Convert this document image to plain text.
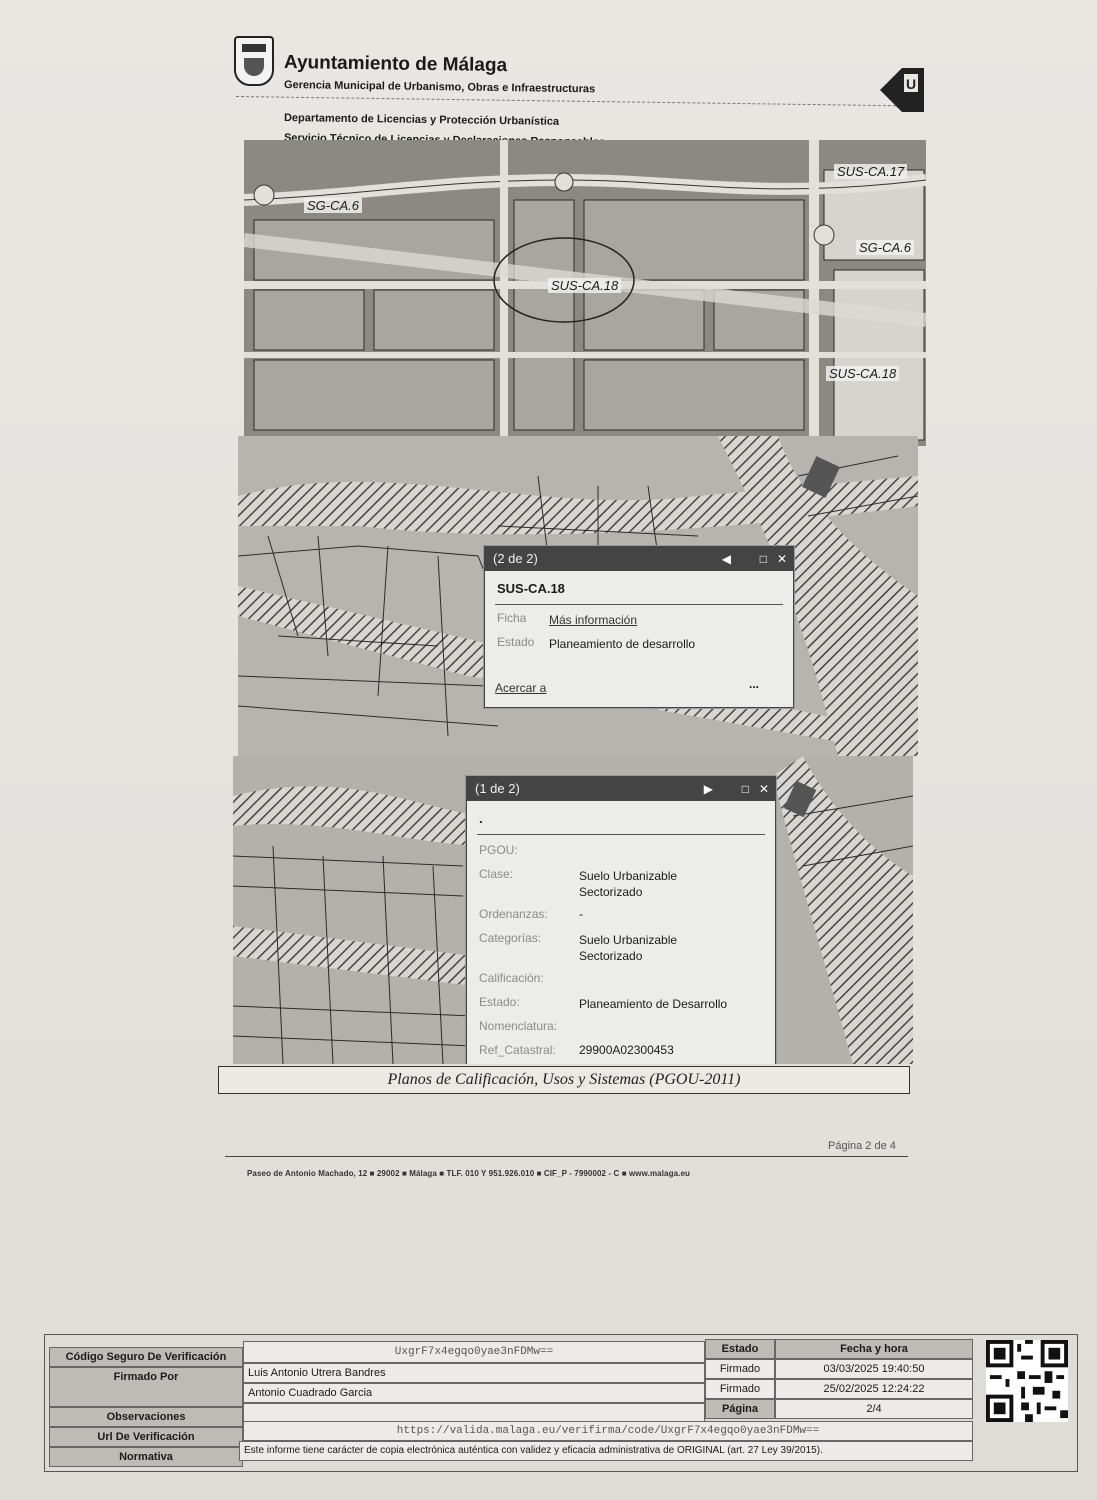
Ayuntamiento de Málaga
Gerencia Municipal de Urbanismo, Obras e Infraestructuras
Departamento de Licencias y Protección Urbanística
U
SUS-CA.17
SG-CA.6
SUS-CA.18
SG-CA.6
SUS-CA.18
(2 de 2)	◀ □ ✕
SUS-CA.18
Ficha Más información
Estado Planeamiento de desarrollo
Acercar a	...
(1 de 2)	▶ □ ✕
.
PGOU:
Clase:	Suelo Urbanizable
Sectorizado
Ordenanzas:	-
Categorías:	Suelo Urbanizable
Sectorizado
Calificación:
Estado:	Planeamiento de Desarrollo
Nomenclatura:
Ref_Catastral: 29900A02300453
Planos de Calificación, Usos y Sistemas (PGOU-2011)
Página 2 de 4
Paseo de Antonio Machado, 12 ■ 29002 ■ Málaga ■ TLF. 010 Y 951.926.010 ■ CIF_P - 7990002 - C ■ www.malaga.eu
Código Seguro De Verificación	UxgrF7x4egqo0yae3nFDMw==	Estado	Fecha y hora
Firmado Por	Luis Antonio Utrera Bandres	Firmado	03/03/2025 19:40:50
Antonio Cuadrado Garcia	Firmado	25/02/2025 12:24:22
Observaciones
Página	2/4
Url De Verificación	https://valida.malaga.eu/verifirma/code/UxgrF7x4egqo0yae3nFDMw==
Normativa
Este informe tiene carácter de copia electrónica auténtica con validez y eficacia administrativa de ORIGINAL (art. 27 Ley 39/2015).
